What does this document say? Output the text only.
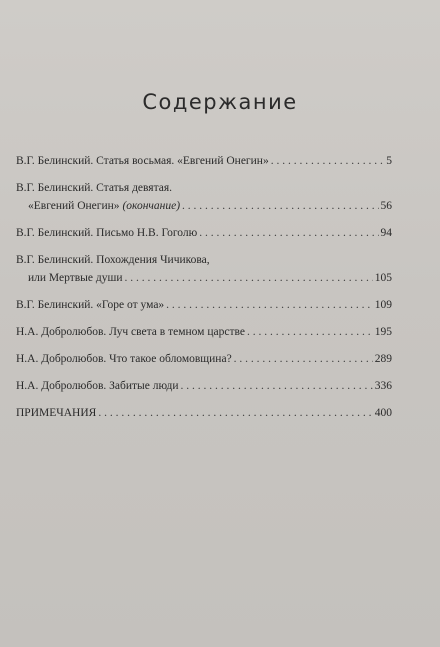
Содержание
В.Г. Белинский. Статья восьмая. «Евгений Онегин» . . .	5
В.Г. Белинский. Статья девятая.
«Евгений Онегин» (окончание) . . .	56
В.Г. Белинский. Письмо Н.В. Гоголю . . .	94
В.Г. Белинский. Похождения Чичикова,
или Мертвые души . . .	105
В.Г. Белинский. «Горе от ума» . . .	109
Н.А. Добролюбов. Луч света в темном царстве . . .	195
Н.А. Добролюбов. Что такое обломовщина? . . .	289
Н.А. Добролюбов. Забитые люди . . .	336
ПРИМЕЧАНИЯ . . .	400
